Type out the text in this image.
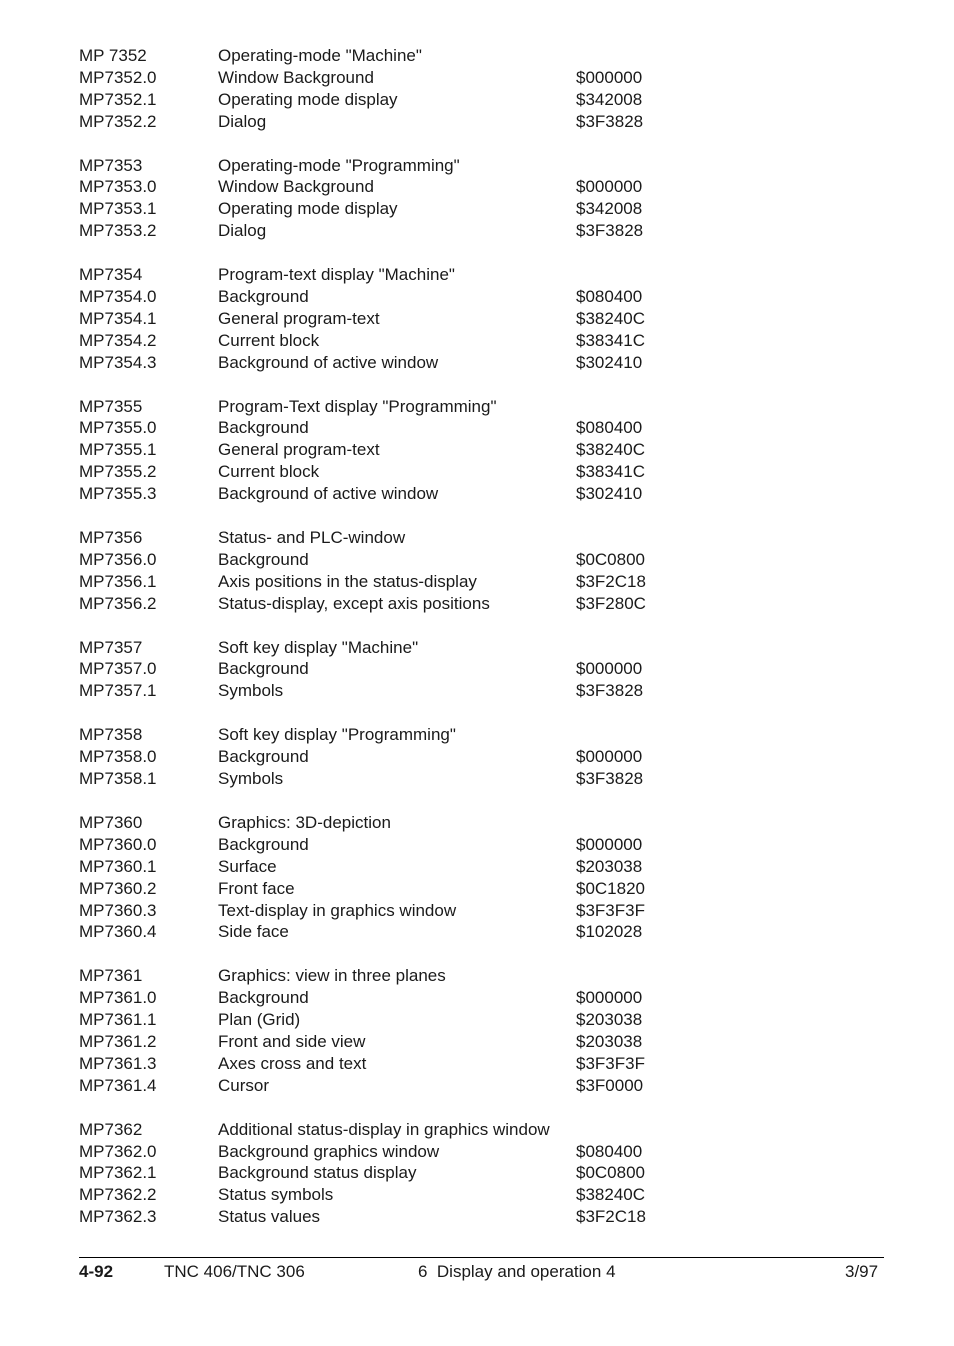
MP 7352	Operating-mode "Machine"
MP7352.0	Window Background	$000000
MP7352.1	Operating mode display	$342008
MP7352.2	Dialog	$3F3828
MP7353	Operating-mode "Programming"
MP7353.0	Window Background	$000000
MP7353.1	Operating mode display	$342008
MP7353.2	Dialog	$3F3828
MP7354	Program-text display "Machine"
MP7354.0	Background	$080400
MP7354.1	General program-text	$38240C
MP7354.2	Current block	$38341C
MP7354.3	Background of active window	$302410
MP7355	Program-Text display "Programming"
MP7355.0	Background	$080400
MP7355.1	General program-text	$38240C
MP7355.2	Current block	$38341C
MP7355.3	Background of active window	$302410
MP7356	Status- and PLC-window
MP7356.0	Background	$0C0800
MP7356.1	Axis positions in the status-display	$3F2C18
MP7356.2	Status-display, except axis positions	$3F280C
MP7357	Soft key display "Machine"
MP7357.0	Background	$000000
MP7357.1	Symbols	$3F3828
MP7358	Soft key display "Programming"
MP7358.0	Background	$000000
MP7358.1	Symbols	$3F3828
MP7360	Graphics: 3D-depiction
MP7360.0	Background	$000000
MP7360.1	Surface	$203038
MP7360.2	Front face	$0C1820
MP7360.3	Text-display in graphics window	$3F3F3F
MP7360.4	Side face	$102028
MP7361	Graphics: view in three planes
MP7361.0	Background	$000000
MP7361.1	Plan (Grid)	$203038
MP7361.2	Front and side view	$203038
MP7361.3	Axes cross and text	$3F3F3F
MP7361.4	Cursor	$3F0000
MP7362	Additional status-display in graphics window
MP7362.0	Background graphics window	$080400
MP7362.1	Background status display	$0C0800
MP7362.2	Status symbols	$38240C
MP7362.3	Status values	$3F2C18
4-92	TNC 406/TNC 306	6  Display and operation 4	3/97
